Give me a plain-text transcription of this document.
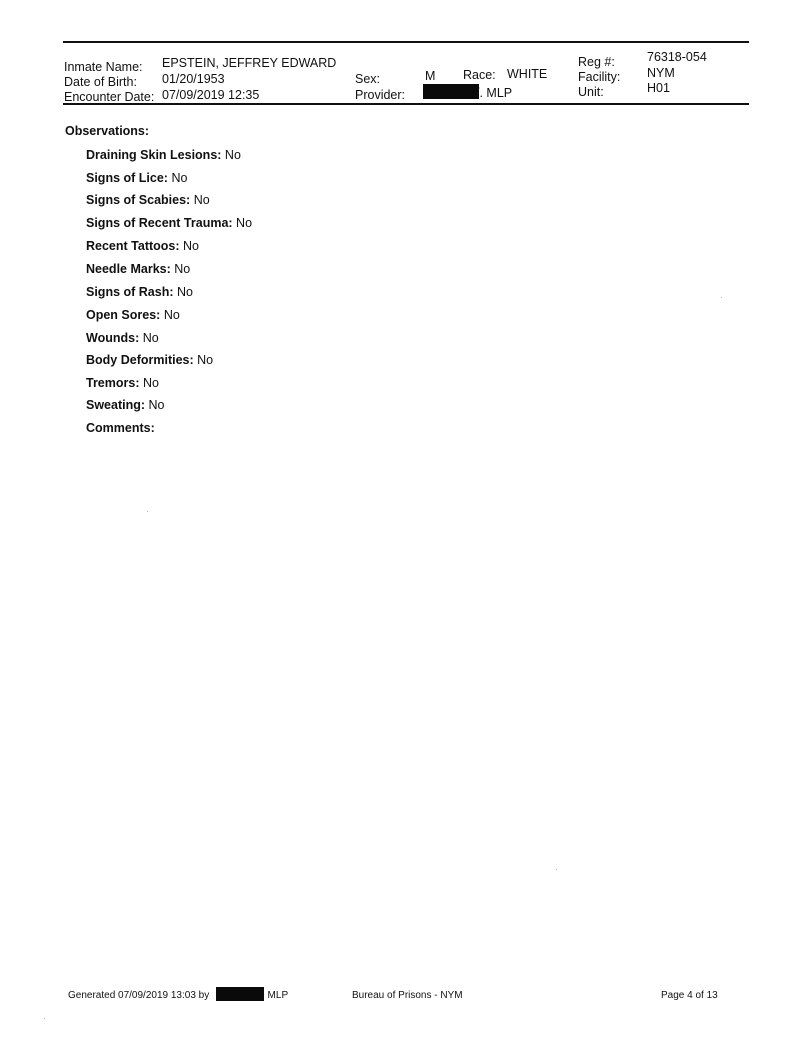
Inmate Name: EPSTEIN, JEFFREY EDWARD
Date of Birth: 01/20/1953
Encounter Date: 07/09/2019 12:35
Sex:	M Race: WHITE
Provider:	/. MLP
Reg #:	76318-054
Facility: NYM
Unit:	H01
Observations:
Draining Skin Lesions: No
Signs of Lice: No
Signs of Scabies: No
Signs of Recent Trauma: No
Recent Tattoos: No
Needle Marks: No
Signs of Rash: No
Open Sores: No
Wounds: No
Body Deformities: No
Tremors: No
Sweating: No
Comments:
Generated 07/09/2019 13:03 by	. MLP	Bureau of Prisons - NYM	Page 4 of 13
